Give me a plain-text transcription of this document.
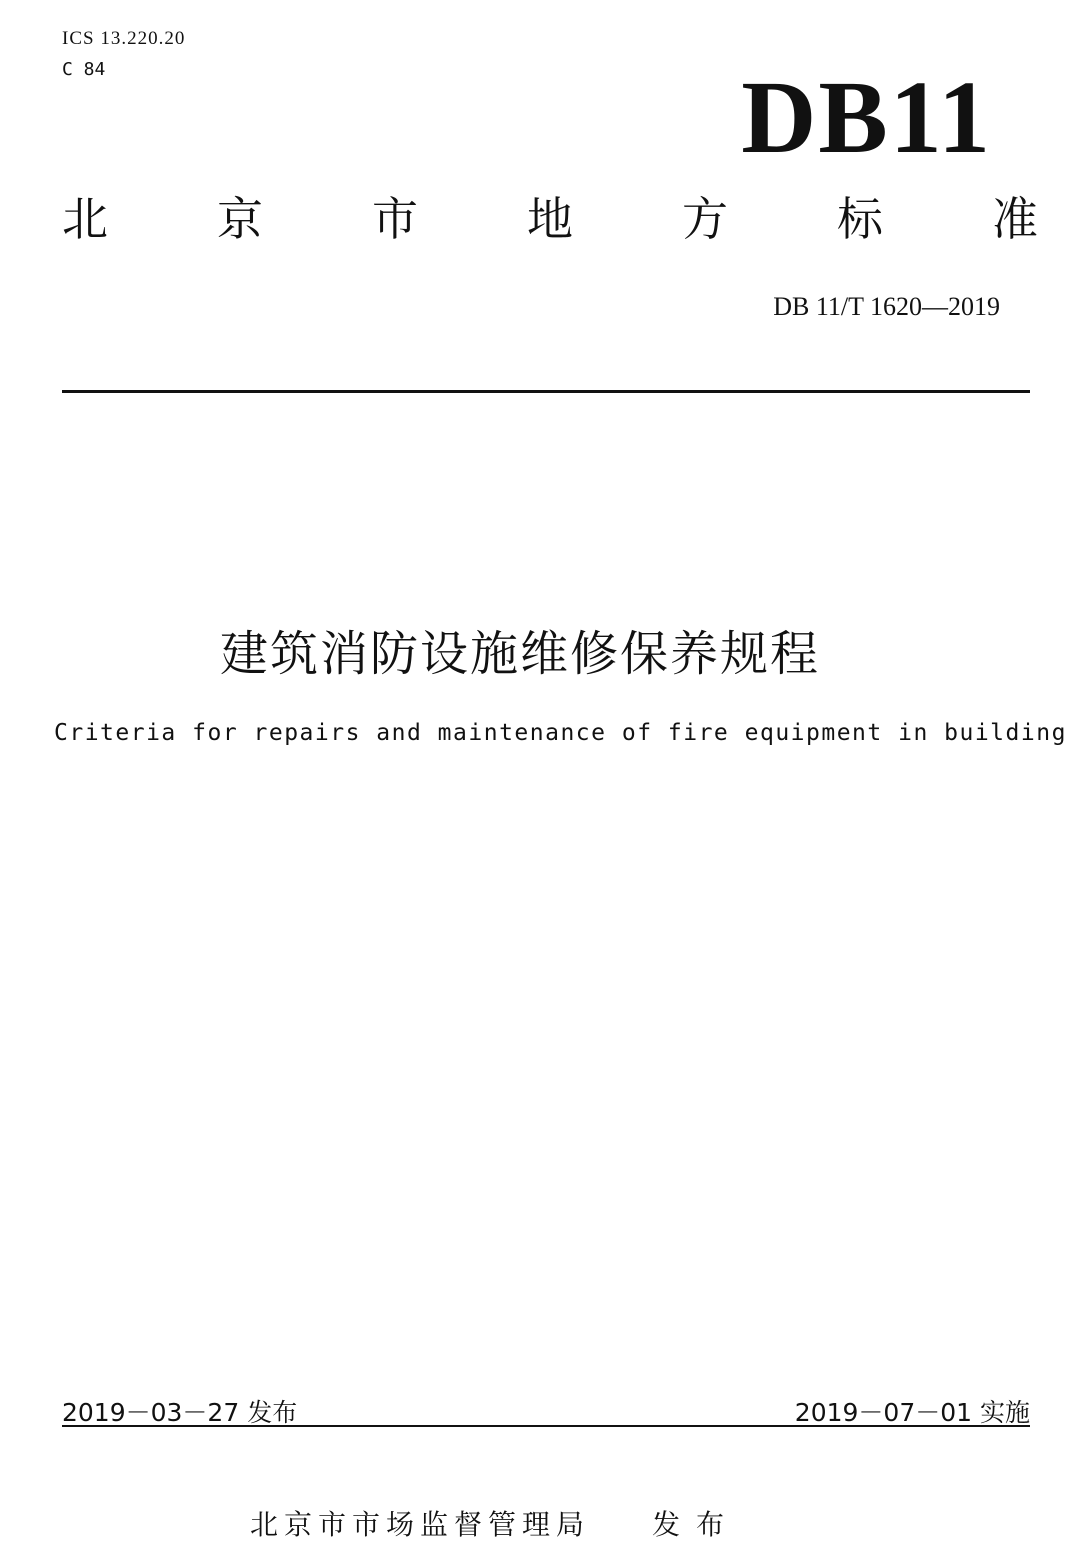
ICS 13.220.20
C 84	DB11
北 京 市 地 方 标 准
DB 11/T 1620—2019
建筑消防设施维修保养规程
Criteria for repairs and maintenance of fire equipment in building
2019－03－27 发布	2019－07－01 实施
北京市市场监督管理局 发布
